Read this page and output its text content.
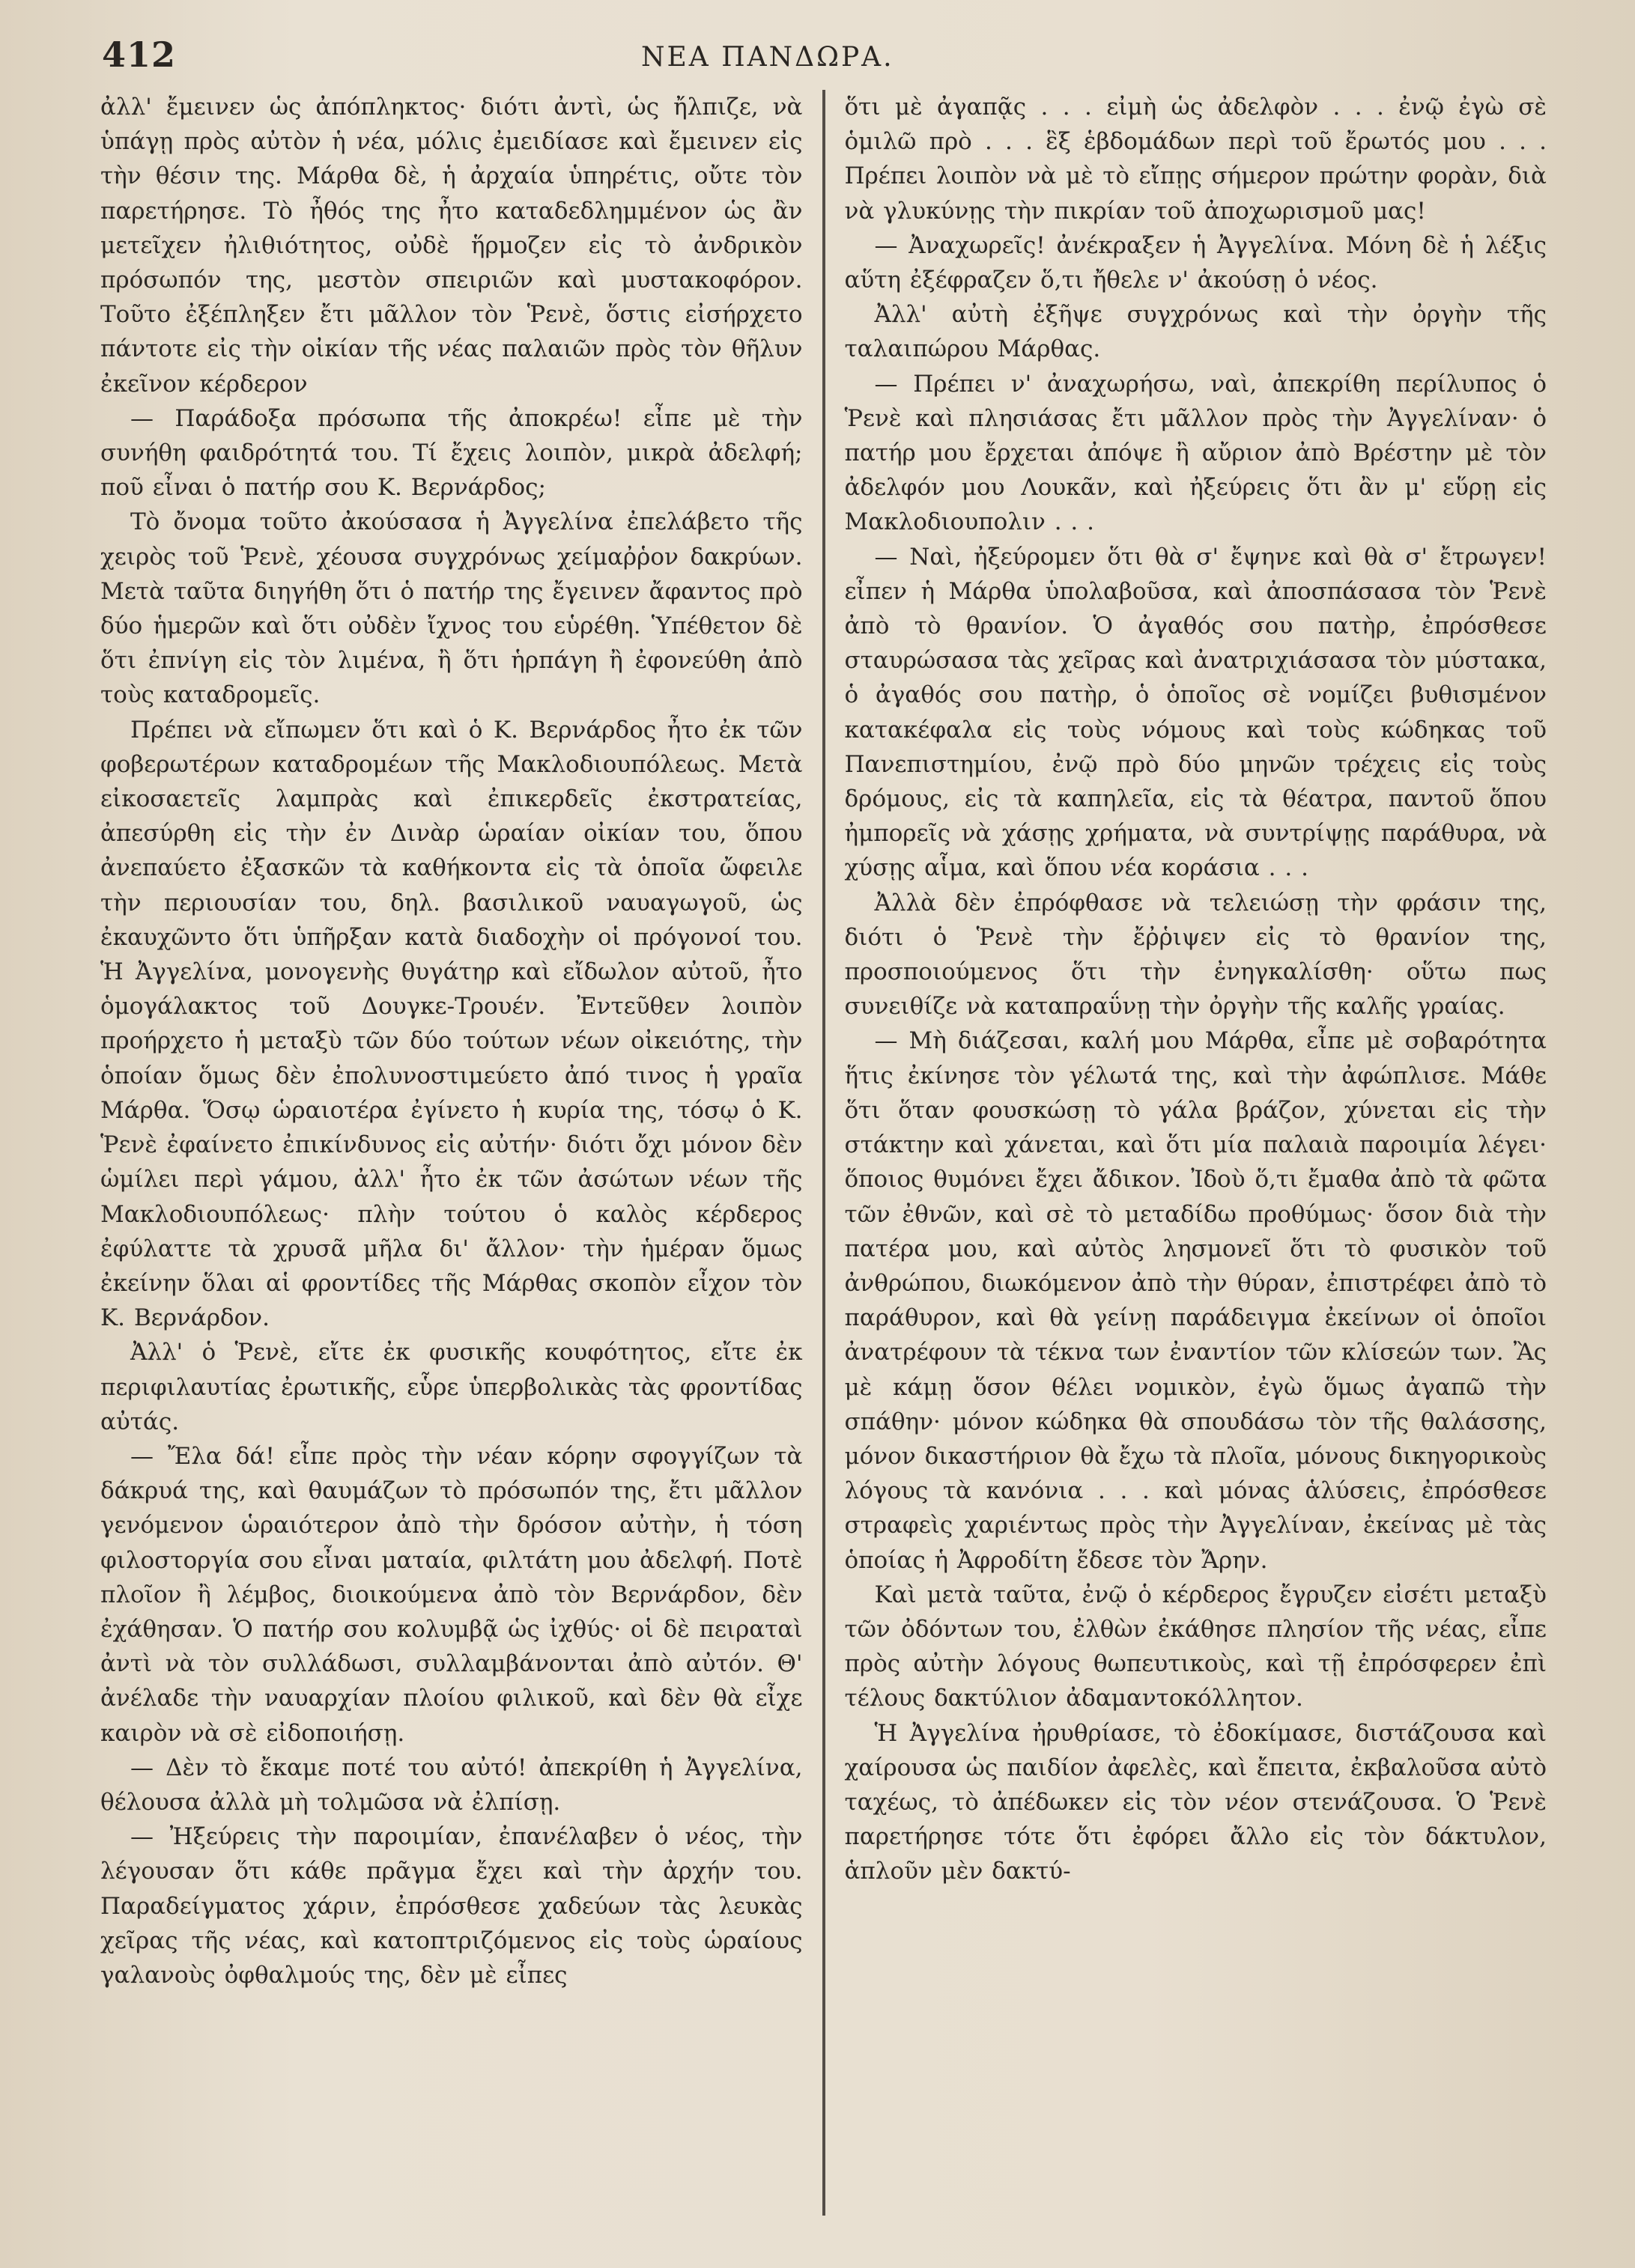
412	ΝΕΑ ΠΑΝΔΩΡΑ.

ἀλλ' ἔμεινεν ὡς ἀπόπληκτος· διότι ἀντὶ, ὡς ἤλπιζε, νὰ ὑπάγῃ πρὸς αὐτὸν ἡ νέα, μόλις ἐμειδίασε καὶ ἔμεινεν εἰς τὴν θέσιν της. Μάρθα δὲ, ἡ ἀρχαία ὑπηρέτις, οὔτε τὸν παρετήρησε. Τὸ ἦθός της ἦτο καταδεδλημμένον ὡς ἂν μετεῖχεν ἠλιθιότητος, οὐδὲ ἥρμοζεν εἰς τὸ ἀνδρικὸν πρόσωπόν της, μεστὸν σπειριῶν καὶ μυστακοφόρον. Τοῦτο ἐξέπληξεν ἔτι μᾶλλον τὸν Ῥενὲ, ὅστις εἰσήρχετο πάντοτε εἰς τὴν οἰκίαν τῆς νέας παλαιῶν πρὸς τὸν θῆλυν ἐκεῖνον κέρδερον

— Παράδοξα πρόσωπα τῆς ἀποκρέω! εἶπε μὲ τὴν συνήθη φαιδρότητά του. Τί ἔχεις λοιπὸν, μικρὰ ἀδελφή; ποῦ εἶναι ὁ πατήρ σου Κ. Βερνάρδος;

Τὸ ὄνομα τοῦτο ἀκούσασα ἡ Ἀγγελίνα ἐπελάβετο τῆς χειρὸς τοῦ Ῥενὲ, χέουσα συγχρόνως χείμαῤῥον δακρύων. Μετὰ ταῦτα διηγήθη ὅτι ὁ πατήρ της ἔγεινεν ἄφαντος πρὸ δύο ἡμερῶν καὶ ὅτι οὐδὲν ἴχνος του εὑρέθη. Ὑπέθετον δὲ ὅτι ἐπνίγη εἰς τὸν λιμένα, ἢ ὅτι ἡρπάγη ἢ ἐφονεύθη ἀπὸ τοὺς καταδρομεῖς.

Πρέπει νὰ εἴπωμεν ὅτι καὶ ὁ Κ. Βερνάρδος ἦτο ἐκ τῶν φοβερωτέρων καταδρομέων τῆς Μακλοδιουπόλεως. Μετὰ εἰκοσαετεῖς λαμπρὰς καὶ ἐπικερδεῖς ἐκστρατείας, ἀπεσύρθη εἰς τὴν ἐν Δινὰρ ὡραίαν οἰκίαν του, ὅπου ἀνεπαύετο ἐξασκῶν τὰ καθήκοντα εἰς τὰ ὁποῖα ὤφειλε τὴν περιουσίαν του, δηλ. βασιλικοῦ ναυαγωγοῦ, ὡς ἐκαυχῶντο ὅτι ὑπῆρξαν κατὰ διαδοχὴν οἱ πρόγονοί του. Ἡ Ἀγγελίνα, μονογενὴς θυγάτηρ καὶ εἴδωλον αὐτοῦ, ἦτο ὁμογάλακτος τοῦ Δουγκε-Τρουέν. Ἐντεῦθεν λοιπὸν προήρχετο ἡ μεταξὺ τῶν δύο τούτων νέων οἰκειότης, τὴν ὁποίαν ὅμως δὲν ἐπολυνοστιμεύετο ἀπό τινος ἡ γραῖα Μάρθα. Ὅσῳ ὡραιοτέρα ἐγίνετο ἡ κυρία της, τόσῳ ὁ Κ. Ῥενὲ ἐφαίνετο ἐπικίνδυνος εἰς αὐτήν· διότι ὄχι μόνον δὲν ὡμίλει περὶ γάμου, ἀλλ' ἦτο ἐκ τῶν ἀσώτων νέων τῆς Μακλοδιουπόλεως· πλὴν τούτου ὁ καλὸς κέρδερος ἐφύλαττε τὰ χρυσᾶ μῆλα δι' ἄλλον· τὴν ἡμέραν ὅμως ἐκείνην ὅλαι αἱ φροντίδες τῆς Μάρθας σκοπὸν εἶχον τὸν Κ. Βερνάρδον.

Ἀλλ' ὁ Ῥενὲ, εἴτε ἐκ φυσικῆς κουφότητος, εἴτε ἐκ περιφιλαυτίας ἐρωτικῆς, εὗρε ὑπερβολικὰς τὰς φροντίδας αὐτάς.

— Ἔλα δά! εἶπε πρὸς τὴν νέαν κόρην σφογγίζων τὰ δάκρυά της, καὶ θαυμάζων τὸ πρόσωπόν της, ἔτι μᾶλλον γενόμενον ὡραιότερον ἀπὸ τὴν δρόσον αὐτὴν, ἡ τόση φιλοστοργία σου εἶναι ματαία, φιλτάτη μου ἀδελφή. Ποτὲ πλοῖον ἢ λέμβος, διοικούμενα ἀπὸ τὸν Βερνάρδον, δὲν ἐχάθησαν. Ὁ πατήρ σου κολυμβᾷ ὡς ἰχθύς· οἱ δὲ πειραταὶ ἀντὶ νὰ τὸν συλλάδωσι, συλλαμβάνονται ἀπὸ αὐτόν. Θ' ἀνέλαδε τὴν ναυαρχίαν πλοίου φιλικοῦ, καὶ δὲν θὰ εἶχε καιρὸν νὰ σὲ εἰδοποιήσῃ.

— Δὲν τὸ ἔκαμε ποτέ του αὐτό! ἀπεκρίθη ἡ Ἀγγελίνα, θέλουσα ἀλλὰ μὴ τολμῶσα νὰ ἐλπίσῃ.

— Ἠξεύρεις τὴν παροιμίαν, ἐπανέλαβεν ὁ νέος, τὴν λέγουσαν ὅτι κάθε πρᾶγμα ἔχει καὶ τὴν ἀρχήν του. Παραδείγματος χάριν, ἐπρόσθεσε χαδεύων τὰς λευκὰς χεῖρας τῆς νέας, καὶ κατοπτριζόμενος εἰς τοὺς ὡραίους γαλανοὺς ὀφθαλμούς της, δὲν μὲ εἶπες

ὅτι μὲ ἀγαπᾷς . . . εἰμὴ ὡς ἀδελφὸν . . . ἐνῷ ἐγὼ σὲ ὁμιλῶ πρὸ . . . ἓξ ἑβδομάδων περὶ τοῦ ἔρωτός μου . . . Πρέπει λοιπὸν νὰ μὲ τὸ εἴπῃς σήμερον πρώτην φορὰν, διὰ νὰ γλυκύνῃς τὴν πικρίαν τοῦ ἀποχωρισμοῦ μας!

— Ἀναχωρεῖς! ἀνέκραξεν ἡ Ἀγγελίνα. Μόνη δὲ ἡ λέξις αὕτη ἐξέφραζεν ὅ,τι ἤθελε ν' ἀκούσῃ ὁ νέος.

Ἀλλ' αὐτὴ ἐξῆψε συγχρόνως καὶ τὴν ὀργὴν τῆς ταλαιπώρου Μάρθας.

— Πρέπει ν' ἀναχωρήσω, ναὶ, ἀπεκρίθη περίλυπος ὁ Ῥενὲ καὶ πλησιάσας ἔτι μᾶλλον πρὸς τὴν Ἀγγελίναν· ὁ πατήρ μου ἔρχεται ἀπόψε ἢ αὔριον ἀπὸ Βρέστην μὲ τὸν ἀδελφόν μου Λουκᾶν, καὶ ἠξεύρεις ὅτι ἂν μ' εὕρῃ εἰς Μακλοδιουπολιν . . .

— Ναὶ, ἠξεύρομεν ὅτι θὰ σ' ἔψηνε καὶ θὰ σ' ἔτρωγεν! εἶπεν ἡ Μάρθα ὑπολαβοῦσα, καὶ ἀποσπάσασα τὸν Ῥενὲ ἀπὸ τὸ θρανίον. Ὁ ἀγαθός σου πατὴρ, ἐπρόσθεσε σταυρώσασα τὰς χεῖρας καὶ ἀνατριχιάσασα τὸν μύστακα, ὁ ἀγαθός σου πατὴρ, ὁ ὁποῖος σὲ νομίζει βυθισμένον κατακέφαλα εἰς τοὺς νόμους καὶ τοὺς κώδηκας τοῦ Πανεπιστημίου, ἐνῷ πρὸ δύο μηνῶν τρέχεις εἰς τοὺς δρόμους, εἰς τὰ καπηλεῖα, εἰς τὰ θέατρα, παντοῦ ὅπου ἠμπορεῖς νὰ χάσῃς χρήματα, νὰ συντρίψῃς παράθυρα, νὰ χύσῃς αἷμα, καὶ ὅπου νέα κοράσια . . .

Ἀλλὰ δὲν ἐπρόφθασε νὰ τελειώσῃ τὴν φράσιν της, διότι ὁ Ῥενὲ τὴν ἔῤῥιψεν εἰς τὸ θρανίον της, προσποιούμενος ὅτι τὴν ἐνηγκαλίσθη· οὕτω πως συνειθίζε νὰ καταπραΰνῃ τὴν ὀργὴν τῆς καλῆς γραίας.

— Μὴ διάζεσαι, καλή μου Μάρθα, εἶπε μὲ σοβαρότητα ἥτις ἐκίνησε τὸν γέλωτά της, καὶ τὴν ἀφώπλισε. Μάθε ὅτι ὅταν φουσκώσῃ τὸ γάλα βράζον, χύνεται εἰς τὴν στάκτην καὶ χάνεται, καὶ ὅτι μία παλαιὰ παροιμία λέγει· ὅποιος θυμόνει ἔχει ἄδικον. Ἰδοὺ ὅ,τι ἔμαθα ἀπὸ τὰ φῶτα τῶν ἐθνῶν, καὶ σὲ τὸ μεταδίδω προθύμως· ὅσον διὰ τὴν πατέρα μου, καὶ αὐτὸς λησμονεῖ ὅτι τὸ φυσικὸν τοῦ ἀνθρώπου, διωκόμενον ἀπὸ τὴν θύραν, ἐπιστρέφει ἀπὸ τὸ παράθυρον, καὶ θὰ γείνῃ παράδειγμα ἐκείνων οἱ ὁποῖοι ἀνατρέφουν τὰ τέκνα των ἐναντίον τῶν κλίσεών των. Ἂς μὲ κάμῃ ὅσον θέλει νομικὸν, ἐγὼ ὅμως ἀγαπῶ τὴν σπάθην· μόνον κώδηκα θὰ σπουδάσω τὸν τῆς θαλάσσης, μόνον δικαστήριον θὰ ἔχω τὰ πλοῖα, μόνους δικηγορικοὺς λόγους τὰ κανόνια . . . καὶ μόνας ἁλύσεις, ἐπρόσθεσε στραφεὶς χαριέντως πρὸς τὴν Ἀγγελίναν, ἐκείνας μὲ τὰς ὁποίας ἡ Ἀφροδίτη ἔδεσε τὸν Ἄρην.

Καὶ μετὰ ταῦτα, ἐνῷ ὁ κέρδερος ἔγρυζεν εἰσέτι μεταξὺ τῶν ὀδόντων του, ἐλθὼν ἐκάθησε πλησίον τῆς νέας, εἶπε πρὸς αὐτὴν λόγους θωπευτικοὺς, καὶ τῇ ἐπρόσφερεν ἐπὶ τέλους δακτύλιον ἀδαμαντοκόλλητον.

Ἡ Ἀγγελίνα ἠρυθρίασε, τὸ ἐδοκίμασε, διστάζουσα καὶ χαίρουσα ὡς παιδίον ἀφελὲς, καὶ ἔπειτα, ἐκβαλοῦσα αὐτὸ ταχέως, τὸ ἀπέδωκεν εἰς τὸν νέον στενάζουσα. Ὁ Ῥενὲ παρετήρησε τότε ὅτι ἐφόρει ἄλλο εἰς τὸν δάκτυλον, ἁπλοῦν μὲν δακτύ-
